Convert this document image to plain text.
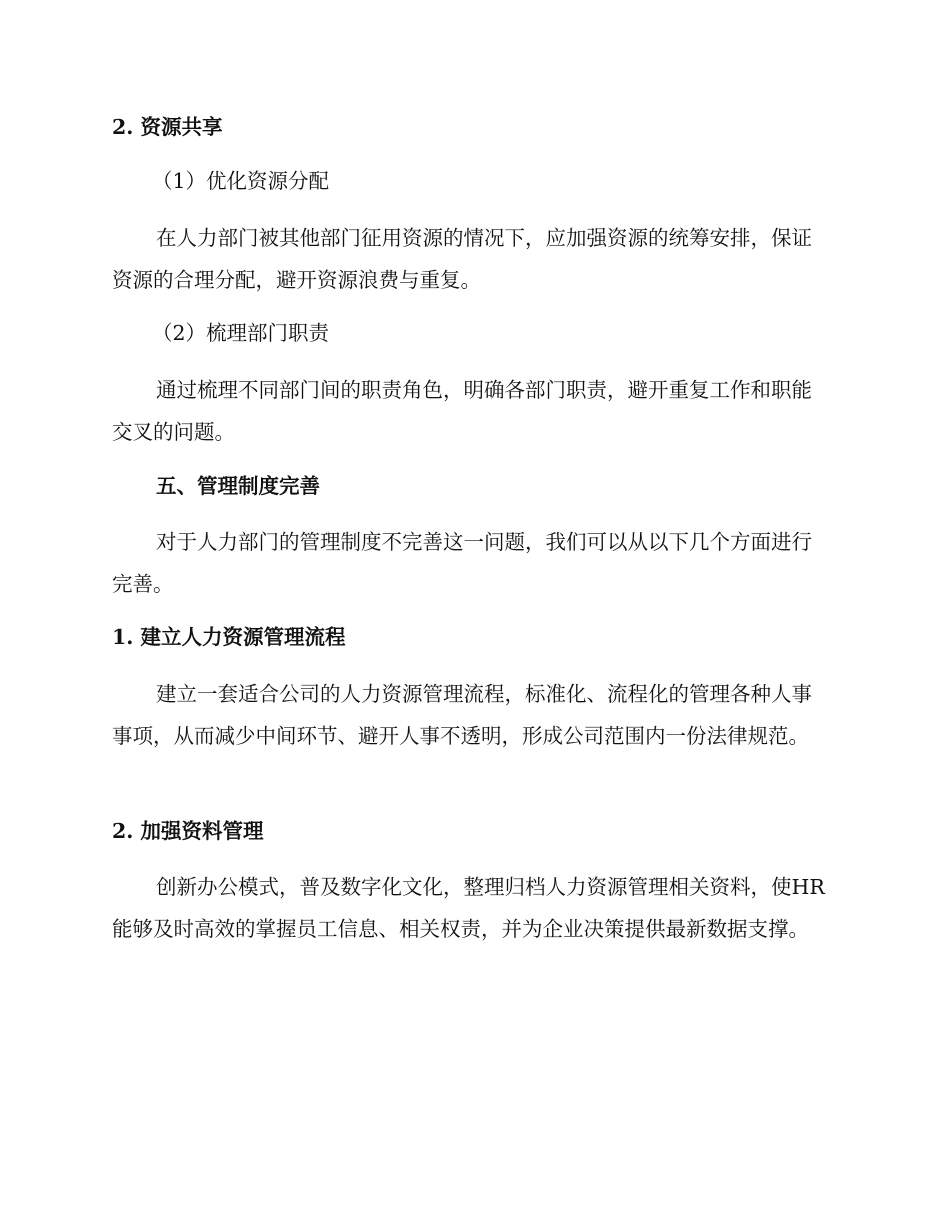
2. 资源共享

（1）优化资源分配

在人力部门被其他部门征用资源的情况下，应加强资源的统筹安排，保证资源的合理分配，避开资源浪费与重复。

（2）梳理部门职责

通过梳理不同部门间的职责角色，明确各部门职责，避开重复工作和职能交叉的问题。

五、管理制度完善

对于人力部门的管理制度不完善这一问题，我们可以从以下几个方面进行完善。

1. 建立人力资源管理流程

建立一套适合公司的人力资源管理流程，标准化、流程化的管理各种人事事项，从而减少中间环节、避开人事不透明，形成公司范围内一份法律规范。

2. 加强资料管理

创新办公模式，普及数字化文化，整理归档人力资源管理相关资料，使HR能够及时高效的掌握员工信息、相关权责，并为企业决策提供最新数据支撑。
